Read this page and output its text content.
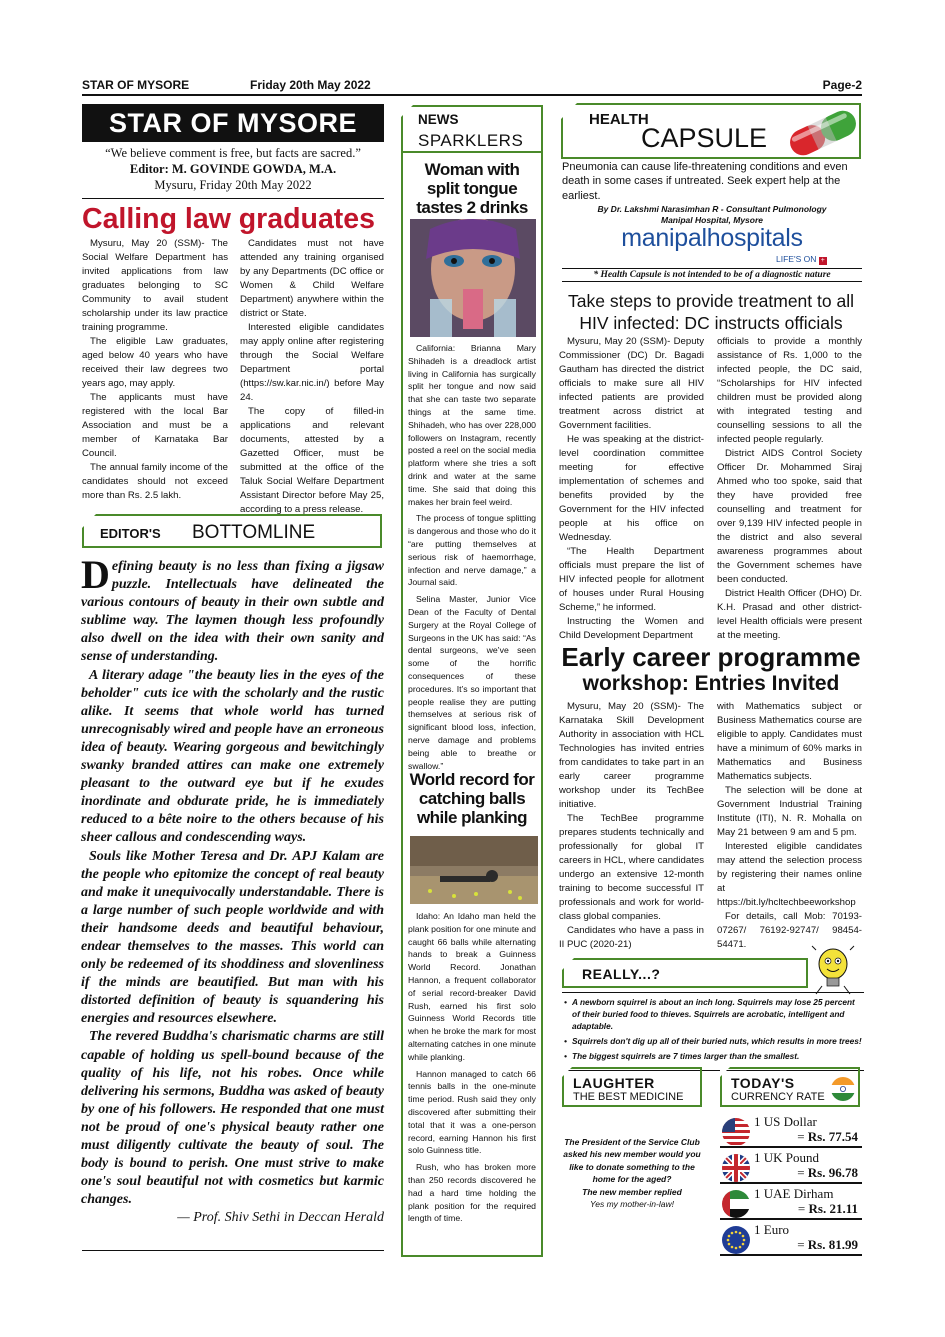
STAR OF MYSORE	Friday 20th May 2022	Page-2
STAR OF MYSORE
“We believe comment is free, but facts are sacred.”
Editor: M. GOVINDE GOWDA, M.A.
Mysuru, Friday 20th May 2022
Calling law graduates

Mysuru, May 20 (SSM)- The Social Welfare Department has invited applications from law graduates belonging to SC Community to avail student scholarship under its law practice training programme.

The eligible Law graduates, aged below 40 years who have received their law degrees two years ago, may apply.

The applicants must have registered with the local Bar Association and must be a member of Karnataka Bar Council.

The annual family income of the candidates should not exceed more than Rs. 2.5 lakh.

Candidates must not have attended any training organised by any Departments (DC office or Women & Child Welfare Department) anywhere within the district or State.

Interested eligible candidates may apply online after registering through the Social Welfare Department portal (https://sw.kar.nic.in/) before May 24.

The copy of filled-in applications and relevant documents, attested by a Gazetted Officer, must be submitted at the office of the Taluk Social Welfare Department Assistant Director before May 25, according to a press release.

EDITOR'S BOTTOMLINE

Defining beauty is no less than fixing a jigsaw puzzle. Intellectuals have delineated the various contours of beauty in their own subtle and sublime way. The laymen though less profoundly also dwell on the idea with their own sanity and sense of understanding.

A literary adage "the beauty lies in the eyes of the beholder" cuts ice with the scholarly and the rustic alike. It seems that whole world has turned unrecognisably wired and people have an erroneous idea of beauty. Wearing gorgeous and bewitchingly swanky branded attires can make one extremely pleasant to the outward eye but if he exudes inordinate and obdurate pride, he is immediately reduced to a bête noire to the others because of his sheer callous and condescending ways.

Souls like Mother Teresa and Dr. APJ Kalam are the people who epitomize the concept of real beauty and make it unequivocally understandable. There is a large number of such people worldwide and with their handsome deeds and beautiful behaviour, endear themselves to the masses. This world can only be redeemed of its shoddiness and slovenliness if the minds are beautified. But man with his distorted definition of beauty is squandering his energies and resources elsewhere.

The revered Buddha's charismatic charms are still capable of holding us spell-bound because of the quality of his life, not his robes. Once while delivering his sermons, Buddha was asked of beauty by one of his followers. He responded that one must not be proud of one's physical beauty rather one must diligently cultivate the beauty of soul. The body is bound to perish. One must strive to make one's soul beautiful not with cosmetics but karmic changes.

— Prof. Shiv Sethi in Deccan Herald
NEWS
SPARKLERS
Woman with split tongue tastes 2 drinks

California: Brianna Mary Shihadeh is a dreadlock artist living in California has surgically split her tongue and now said that she can taste two separate things at the same time. Shihadeh, who has over 228,000 followers on Instagram, recently posted a reel on the social media platform where she tries a soft drink and water at the same time. She said that doing this makes her brain feel weird.

The process of tongue splitting is dangerous and those who do it “are putting themselves at serious risk of haemorrhage, infection and nerve damage,” a Journal said.

Selina Master, Junior Vice Dean of the Faculty of Dental Surgery at the Royal College of Surgeons in the UK has said: “As dental surgeons, we’ve seen some of the horrific consequences of these procedures. It’s so important that people realise they are putting themselves at serious risk of significant blood loss, infection, nerve damage and problems being able to breathe or swallow.”

World record for catching balls while planking

Idaho: An Idaho man held the plank position for one minute and caught 66 balls while alternating hands to break a Guinness World Record. Jonathan Hannon, a frequent collaborator of serial record-breaker David Rush, earned his first solo Guinness World Records title when he broke the mark for most alternating catches in one minute while planking.

Hannon managed to catch 66 tennis balls in the one-minute time period. Rush said they only discovered after submitting their total that it was a one-person record, earning Hannon his first solo Guinness title.

Rush, who has broken more than 250 records discovered he had a hard time holding the plank position for the required length of time.

HEALTH
CAPSULE
Pneumonia can cause life-threatening conditions and even death in some cases if untreated. Seek expert help at the earliest.
By Dr. Lakshmi Narasimhan R - Consultant Pulmonology
Manipal Hospital, Mysore
manipalhospitals
LIFE'S ON +
* Health Capsule is not intended to be of a diagnostic nature
Take steps to provide treatment to all HIV infected: DC instructs officials

Mysuru, May 20 (SSM)- Deputy Commissioner (DC) Dr. Bagadi Gautham has directed the district officials to make sure all HIV infected patients are provided treatment across district at Government facilities.

He was speaking at the district-level coordination committee meeting for effective implementation of schemes and benefits provided by the Government for the HIV infected people at his office on Wednesday.

“The Health Department officials must prepare the list of HIV infected people for allotment of houses under Rural Housing Scheme,” he informed.

Instructing the Women and Child Development Department

officials to provide a monthly assistance of Rs. 1,000 to the infected people, the DC said, “Scholarships for HIV infected children must be provided along with integrated testing and counselling sessions to all the infected people regularly.

District AIDS Control Society Officer Dr. Mohammed Siraj Ahmed who too spoke, said that they have provided free counselling and treatment for over 9,139 HIV infected people in the district and also several awareness programmes about the Government schemes have been conducted.

District Health Officer (DHO) Dr. K.H. Prasad and other district-level Health officials were present at the meeting.

Early career programme
workshop: Entries Invited

Mysuru, May 20 (SSM)- The Karnataka Skill Development Authority in association with HCL Technologies has invited entries from candidates to take part in an early career programme workshop under its TechBee initiative.

The TechBee programme prepares students technically and professionally for global IT careers in HCL, where candidates undergo an extensive 12-month training to become successful IT professionals and work for world-class global companies.

Candidates who have a pass in II PUC (2020-21)

with Mathematics subject or Business Mathematics course are eligible to apply. Candidates must have a minimum of 60% marks in Mathematics and Business Mathematics subjects.

The selection will be done at Government Industrial Training Institute (ITI), N. R. Mohalla on May 21 between 9 am and 5 pm.

Interested eligible candidates may attend the selection process by registering their names online at https://bit.ly/hcltechbeeworkshop

For details, call Mob: 70193-07267/ 76192-92747/ 98454-54471.

REALLY...?
• A newborn squirrel is about an inch long. Squirrels may lose 25 percent of their buried food to thieves. Squirrels are acrobatic, intelligent and adaptable.
• Squirrels don't dig up all of their buried nuts, which results in more trees!
• The biggest squirrels are 7 times larger than the smallest.
LAUGHTER
THE BEST MEDICINE
The President of the Service Club asked his new member would you like to donate something to the home for the aged?
The new member replied
Yes my mother-in-law!
TODAY'S
CURRENCY RATE
1 US Dollar
= Rs. 77.54
1 UK Pound
= Rs. 96.78
1 UAE Dirham
= Rs. 21.11
1 Euro
= Rs. 81.99
